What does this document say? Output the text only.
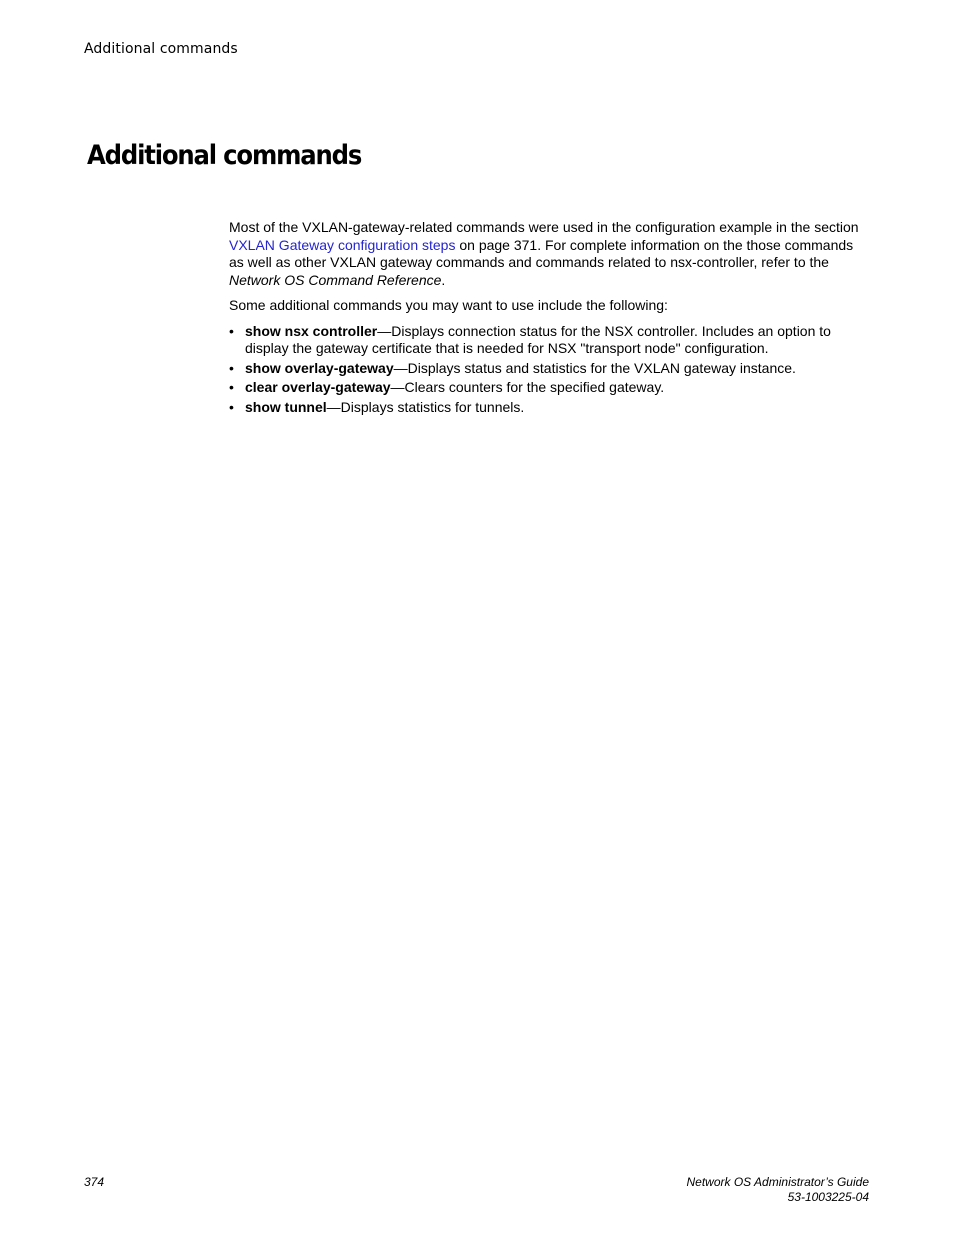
Additional commands
Additional commands

Most of the VXLAN-gateway-related commands were used in the configuration example in the section VXLAN Gateway configuration steps on page 371. For complete information on the those commands as well as other VXLAN gateway commands and commands related to nsx-controller, refer to the Network OS Command Reference.

Some additional commands you may want to use include the following:

• show nsx controller—Displays connection status for the NSX controller. Includes an option to display the gateway certificate that is needed for NSX "transport node" configuration.
• show overlay-gateway—Displays status and statistics for the VXLAN gateway instance.
• clear overlay-gateway—Clears counters for the specified gateway.
• show tunnel—Displays statistics for tunnels.
374	Network OS Administrator’s Guide
53-1003225-04
